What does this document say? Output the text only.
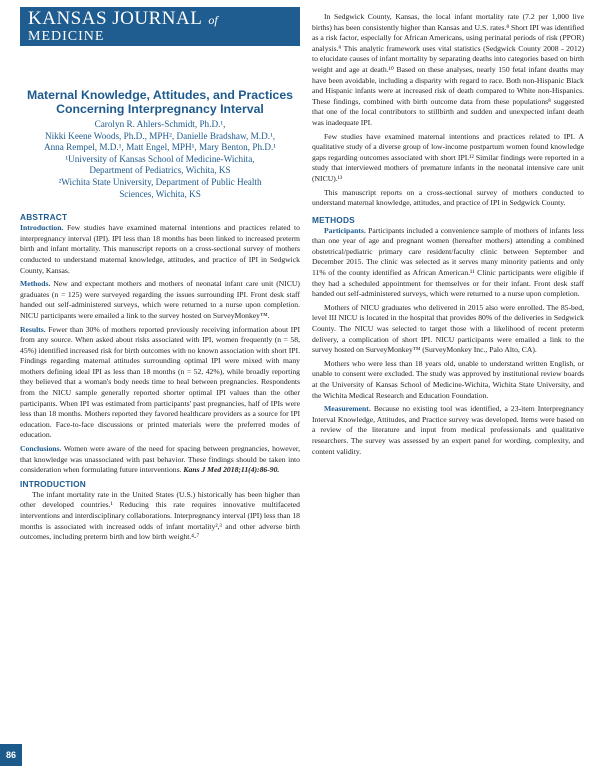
KANSAS JOURNAL of MEDICINE
Maternal Knowledge, Attitudes, and Practices Concerning Interpregnancy Interval
Carolyn R. Ahlers-Schmidt, Ph.D.¹,
Nikki Keene Woods, Ph.D., MPH², Danielle Bradshaw, M.D.¹,
Anna Rempel, M.D.¹, Matt Engel, MPH¹, Mary Benton, Ph.D.¹
¹University of Kansas School of Medicine-Wichita,
Department of Pediatrics, Wichita, KS
²Wichita State University, Department of Public Health
Sciences, Wichita, KS
ABSTRACT

Introduction. Few studies have examined maternal intentions and practices related to interpregnancy interval (IPI). IPI less than 18 months has been linked to increased preterm birth and infant mortality. This manuscript reports on a cross-sectional survey of mothers conducted to understand maternal knowledge, attitudes, and practice of IPI in Sedgwick County, Kansas.

Methods. New and expectant mothers and mothers of neonatal infant care unit (NICU) graduates (n = 125) were surveyed regarding the issues surrounding IPI. Front desk staff handed out self-administered surveys, which were returned to a nurse upon completion. NICU participants were emailed a link to the survey hosted on SurveyMonkey™.

Results. Fewer than 30% of mothers reported previously receiving information about IPI from any source. When asked about risks associated with IPI, women frequently (n = 58, 45%) identified increased risk for birth outcomes with no known association with short IPI. Findings regarding maternal attitudes surrounding optimal IPI were mixed with many mothers defining ideal IPI as less than 18 months (n = 52, 42%), while broadly reporting they believed that a woman's body needs time to heal between pregnancies. Respondents from the NICU sample generally reported shorter optimal IPI values than the other participants. When IPI was estimated from participants' past pregnancies, half of IPIs were less than 18 months. Mothers reported they favored healthcare providers as a source for IPI education. Face-to-face discussions or printed materials were the preferred modes of education.

Conclusions. Women were aware of the need for spacing between pregnancies, however, that knowledge was unassociated with past behavior. These findings should be taken into consideration when formulating future interventions. Kans J Med 2018;11(4):86-90.

INTRODUCTION

The infant mortality rate in the United States (U.S.) historically has been higher than other developed countries.¹ Reducing this rate requires innovative multifaceted interventions and interdisciplinary collaborations. Interpregnancy interval (IPI) less than 18 months is associated with increased odds of infant mortality²,³ and other adverse birth outcomes, including preterm birth and low birth weight.⁴-⁷

In Sedgwick County, Kansas, the local infant mortality rate (7.2 per 1,000 live births) has been consistently higher than Kansas and U.S. rates.⁸ Short IPI was identified as a risk factor, especially for African Americans, using perinatal periods of risk (PPOR) analysis.⁹ This analytic framework uses vital statistics (Sedgwick County 2008 - 2012) to elucidate causes of infant mortality by separating deaths into categories based on birth weight and age at death.¹⁰ Based on these analyses, nearly 150 fetal infant deaths may have been avoidable, including a disparity with regard to race. Both non-Hispanic Black and Hispanic infants were at increased risk of death compared to White non-Hispanics. These findings, combined with birth outcome data from these populations⁸ suggested that one of the local contributors to stillbirth and sudden and unexpected infant death was inadequate IPI.

Few studies have examined maternal intentions and practices related to IPI. A qualitative study of a diverse group of low-income postpartum women found knowledge gaps regarding outcomes associated with short IPI.¹² Similar findings were reported in a study that interviewed mothers of premature infants in the neonatal intensive care unit (NICU).¹³

This manuscript reports on a cross-sectional survey of mothers conducted to understand maternal knowledge, attitudes, and practice of IPI in Sedgwick County.

METHODS

Participants. Participants included a convenience sample of mothers of infants less than one year of age and pregnant women (hereafter mothers) attending a combined obstetrical/pediatric primary care resident/faculty clinic between September and December 2015. The clinic was selected as it serves many minority patients and only 11% of the county identified as African American.¹¹ Clinic participants were eligible if they had a scheduled appointment for themselves or for their infant. Front desk staff handed out self-administered surveys, which were returned to a nurse upon completion.

Mothers of NICU graduates who delivered in 2015 also were enrolled. The 85-bed, level III NICU is located in the hospital that provides 80% of the deliveries in Sedgwick County. The NICU was selected to target those with a likelihood of recent preterm delivery, a complication of short IPI. NICU participants were emailed a link to the survey hosted on SurveyMonkey™ (SurveyMonkey Inc., Palo Alto, CA).

Mothers who were less than 18 years old, unable to understand written English, or unable to consent were excluded. The study was approved by institutional review boards at the University of Kansas School of Medicine-Wichita, Wichita State University, and the Wichita Medical Research and Education Foundation.

Measurement. Because no existing tool was identified, a 23-item Interpregnancy Interval Knowledge, Attitudes, and Practice survey was developed. Items were based on a review of the literature and input from medical professionals and qualitative researchers. The survey was assessed by an expert panel for wording, complexity, and content validity.

86
